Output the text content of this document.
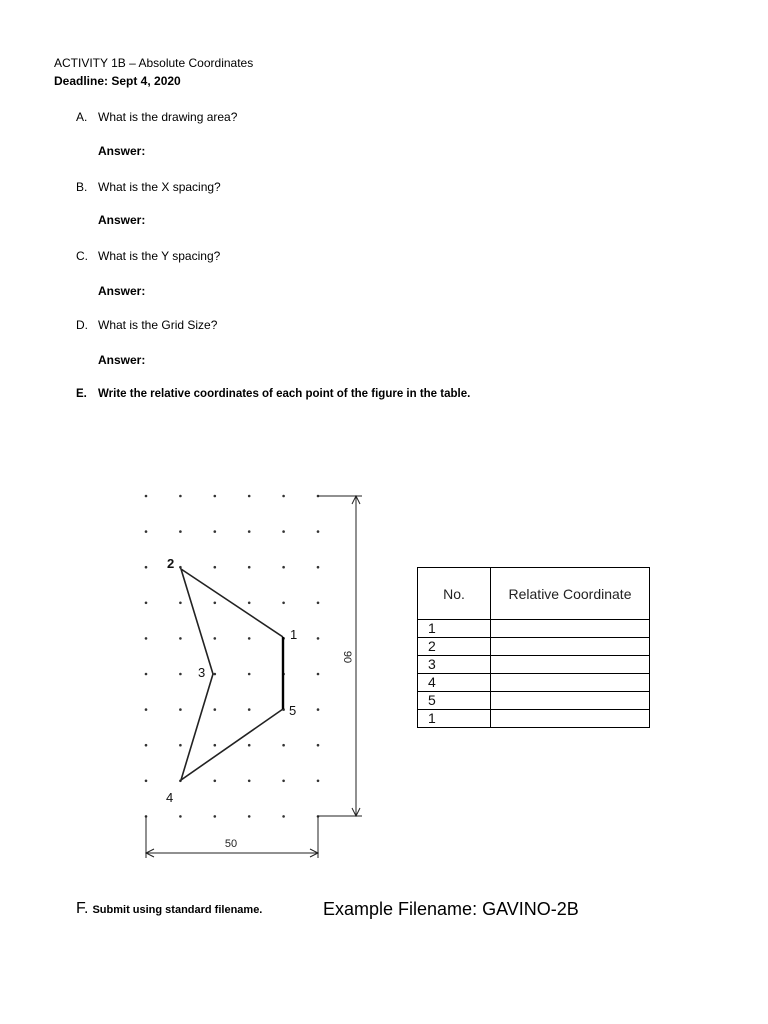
ACTIVITY 1B – Absolute Coordinates
Deadline: Sept 4, 2020
A. What is the drawing area?
Answer:
B. What is the X spacing?
Answer:
C. What is the Y spacing?
Answer:
D. What is the Grid Size?
Answer:
E. Write the relative coordinates of each point of the figure in the table.
1
2
3
4
5
90
50
No.	Relative Coordinate
1	
2	
3	
4	
5	
1	
F. Submit using standard filename.	Example Filename: GAVINO-2B
